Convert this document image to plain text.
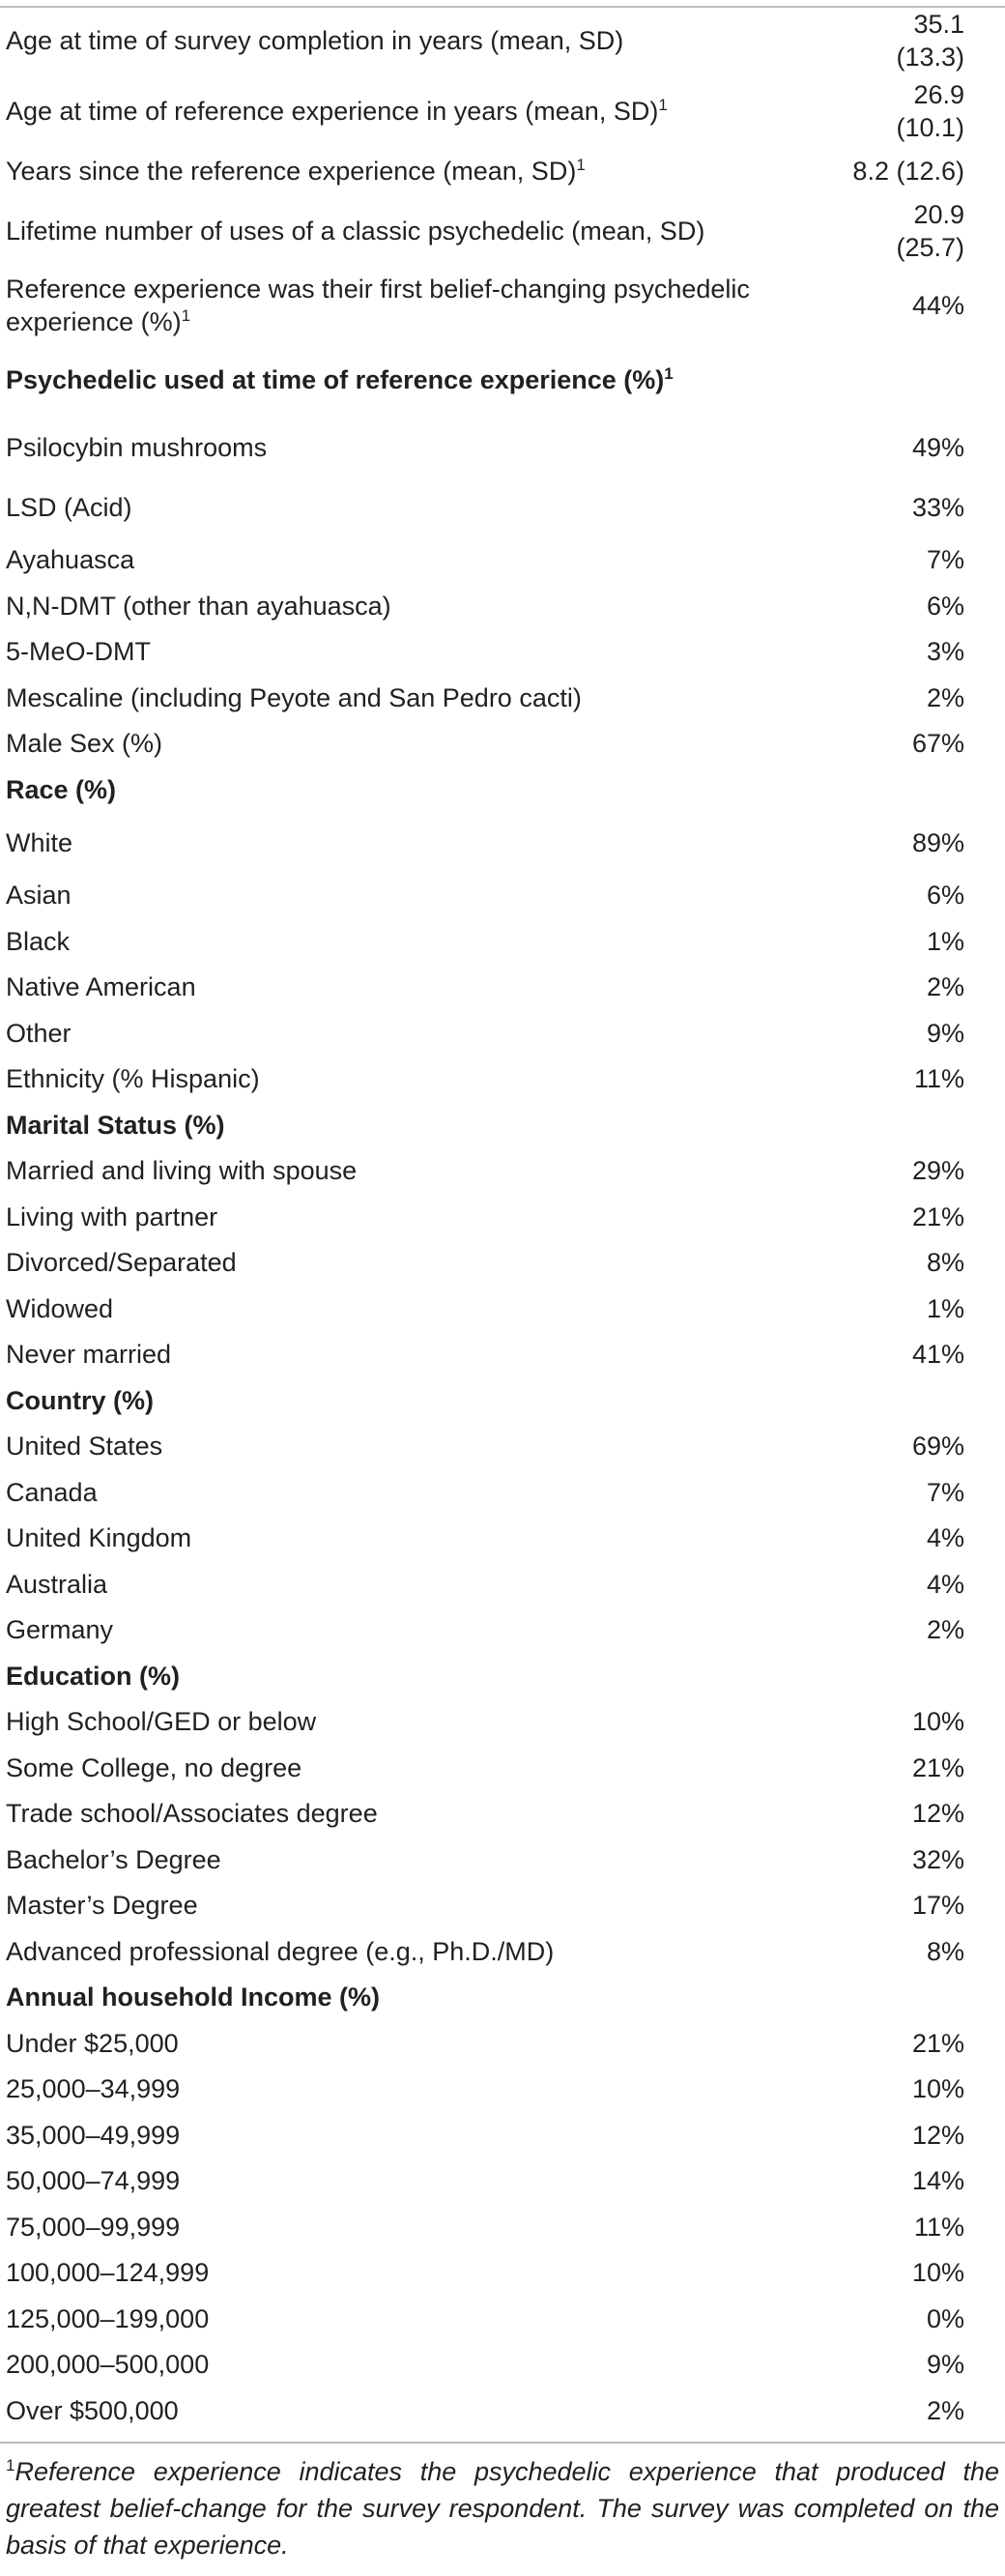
Age at time of survey completion in years (mean, SD)	35.1 (13.3)
Age at time of reference experience in years (mean, SD)$^1$	26.9 (10.1)
Years since the reference experience (mean, SD)$^1$	8.2 (12.6)
Lifetime number of uses of a classic psychedelic (mean, SD)	20.9 (25.7)
Reference experience was their first belief-changing psychedelic experience (%)$^1$	44%
Psychedelic used at time of reference experience (%)$^1$	
Psilocybin mushrooms	49%
LSD (Acid)	33%
Ayahuasca	7%
N,N-DMT (other than ayahuasca)	6%
5-MeO-DMT	3%
Mescaline (including Peyote and San Pedro cacti)	2%
Male Sex (%)	67%
Race (%)	
White	89%
Asian	6%
Black	1%
Native American	2%
Other	9%
Ethnicity (% Hispanic)	11%
Marital Status (%)	
Married and living with spouse	29%
Living with partner	21%
Divorced/Separated	8%
Widowed	1%
Never married	41%
Country (%)	
United States	69%
Canada	7%
United Kingdom	4%
Australia	4%
Germany	2%
Education (%)	
High School/GED or below	10%
Some College, no degree	21%
Trade school/Associates degree	12%
Bachelor’s Degree	32%
Master’s Degree	17%
Advanced professional degree (e.g., Ph.D./MD)	8%
Annual household Income (%)	
Under $25,000	21%
25,000–34,999	10%
35,000–49,999	12%
50,000–74,999	14%
75,000–99,999	11%
100,000–124,999	10%
125,000–199,000	0%
200,000–500,000	9%
Over $500,000	2%
$^1$Reference experience indicates the psychedelic experience that produced the greatest belief-change for the survey respondent. The survey was completed on the basis of that experience.
